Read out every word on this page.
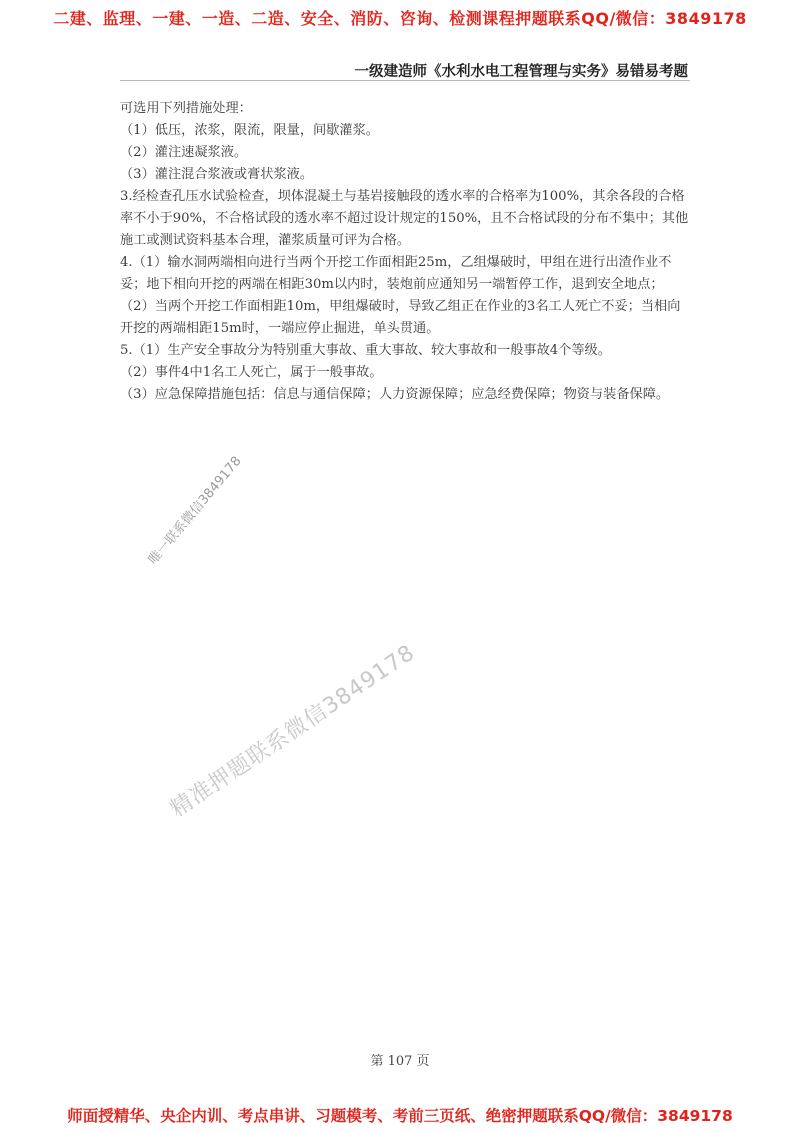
二建、监理、一建、一造、二造、安全、消防、咨询、检测课程押题联系QQ/微信：3849178
一级建造师《水利水电工程管理与实务》易错易考题

可选用下列措施处理：

（1）低压，浓浆，限流，限量，间歇灌浆。

（2）灌注速凝浆液。

（3）灌注混合浆液或膏状浆液。

3.经检查孔压水试验检查，坝体混凝土与基岩接触段的透水率的合格率为100%，其余各段的合格率不小于90%，不合格试段的透水率不超过设计规定的150%，且不合格试段的分布不集中；其他施工或测试资料基本合理，灌浆质量可评为合格。

4.（1）输水洞两端相向进行当两个开挖工作面相距25m，乙组爆破时，甲组在进行出渣作业不妥；地下相向开挖的两端在相距30m以内时，装炮前应通知另一端暂停工作，退到安全地点；

（2）当两个开挖工作面相距10m，甲组爆破时，导致乙组正在作业的3名工人死亡不妥；当相向开挖的两端相距15m时，一端应停止掘进，单头贯通。

5.（1）生产安全事故分为特别重大事故、重大事故、较大事故和一般事故4个等级。

（2）事件4中1名工人死亡，属于一般事故。

（3）应急保障措施包括：信息与通信保障；人力资源保障；应急经费保障；物资与装备保障。

唯一联系微信3849178
精准押题联系微信3849178
第 107 页
师面授精华、央企内训、考点串讲、习题模考、考前三页纸、绝密押题联系QQ/微信：3849178
